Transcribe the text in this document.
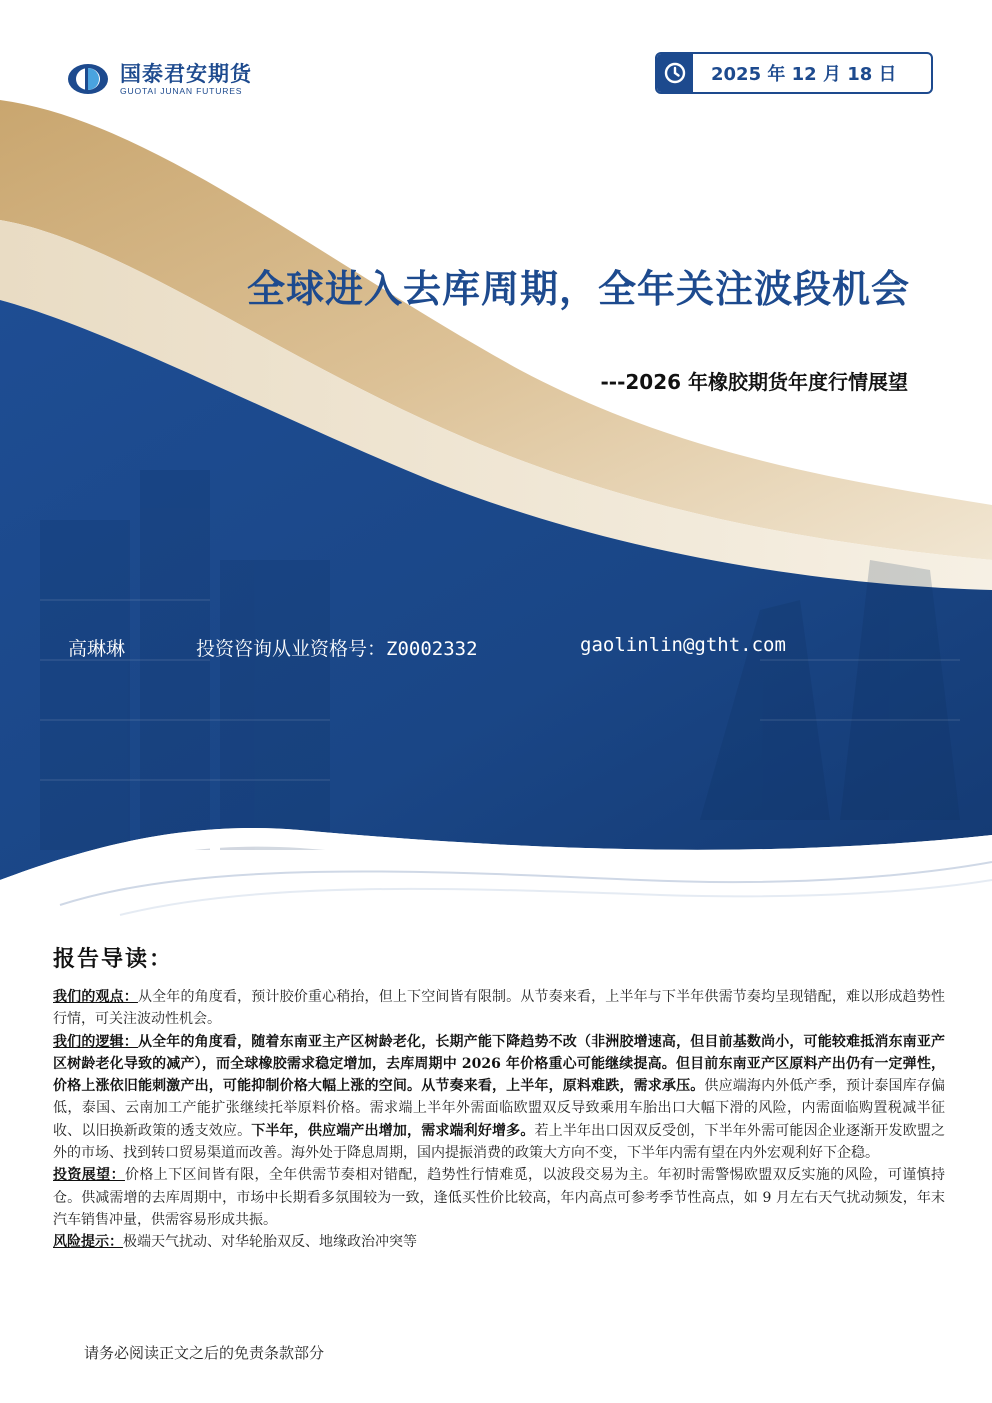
国泰君安期货
GUOTAI JUNAN FUTURES
2025 年 12 月 18 日
全球进入去库周期，全年关注波段机会
---2026 年橡胶期货年度行情展望
高琳琳	投资咨询从业资格号：Z0002332	gaolinlin@gtht.com
报告导读：

我们的观点：从全年的角度看，预计胶价重心稍抬，但上下空间皆有限制。从节奏来看，上半年与下半年供需节奏均呈现错配，难以形成趋势性行情，可关注波动性机会。

我们的逻辑：从全年的角度看，随着东南亚主产区树龄老化，长期产能下降趋势不改（非洲胶增速高，但目前基数尚小，可能较难抵消东南亚产区树龄老化导致的减产），而全球橡胶需求稳定增加，去库周期中 2026 年价格重心可能继续提高。但目前东南亚产区原料产出仍有一定弹性，价格上涨依旧能刺激产出，可能抑制价格大幅上涨的空间。从节奏来看，上半年，原料难跌，需求承压。供应端海内外低产季，预计泰国库存偏低，泰国、云南加工产能扩张继续托举原料价格。需求端上半年外需面临欧盟双反导致乘用车胎出口大幅下滑的风险，内需面临购置税减半征收、以旧换新政策的透支效应。下半年，供应端产出增加，需求端利好增多。若上半年出口因双反受创，下半年外需可能因企业逐渐开发欧盟之外的市场、找到转口贸易渠道而改善。海外处于降息周期，国内提振消费的政策大方向不变，下半年内需有望在内外宏观利好下企稳。

投资展望：价格上下区间皆有限，全年供需节奏相对错配，趋势性行情难觅，以波段交易为主。年初时需警惕欧盟双反实施的风险，可谨慎持仓。供减需增的去库周期中，市场中长期看多氛围较为一致，逢低买性价比较高，年内高点可参考季节性高点，如 9 月左右天气扰动频发，年末汽车销售冲量，供需容易形成共振。

风险提示：极端天气扰动、对华轮胎双反、地缘政治冲突等

请务必阅读正文之后的免责条款部分
